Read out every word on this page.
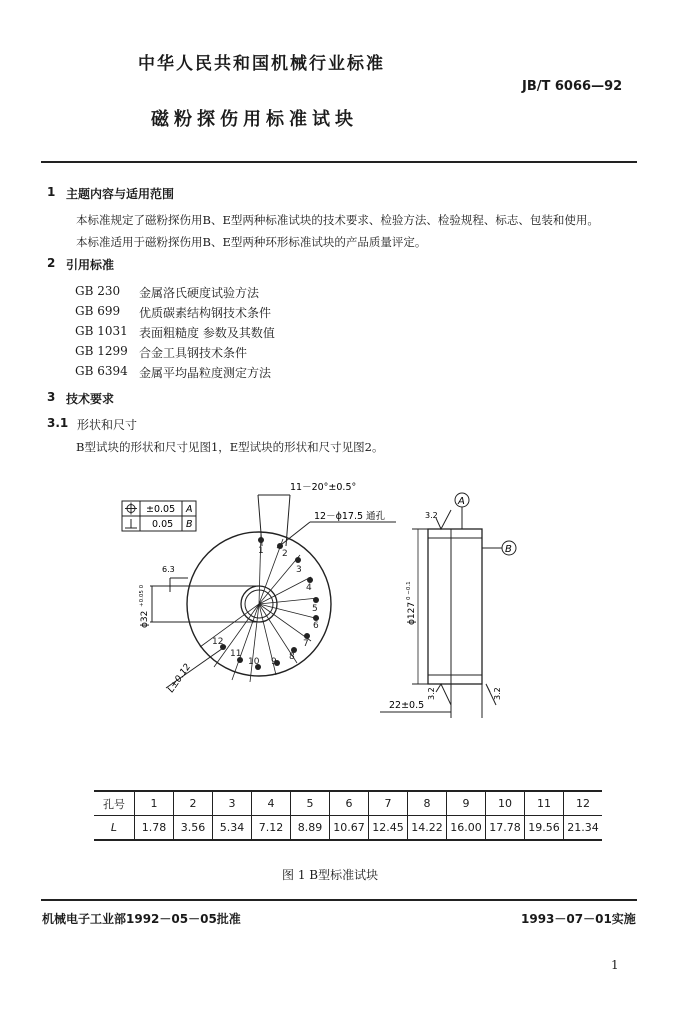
中华人民共和国机械行业标准
JB/T 6066—92
磁粉探伤用标准试块
1 主题内容与适用范围
本标准规定了磁粉探伤用B、E型两种标准试块的技术要求、检验方法、检验规程、标志、包装和使用。
本标准适用于磁粉探伤用B、E型两种环形标准试块的产品质量评定。
2 引用标准
GB 230 金属洛氏硬度试验方法
GB 699 优质碳素结构钢技术条件
GB 1031 表面粗糙度 参数及其数值
GB 1299 合金工具钢技术条件
GB 6394 金属平均晶粒度测定方法
3 技术要求
3.1 形状和尺寸
B型试块的形状和尺寸见图1，E型试块的形状和尺寸见图2。
±0.05 A
0.05 B
11－20°±0.5°
12－ϕ17.5 通孔
6.3
ϕ32
+0.05 0
L±0.12
ϕ127
0 −0.1
3.2
3.2	3.2
22±0.5
A
B
1 2
3
4
5
6
7
8
9
10
11
12
孔号	1	2	3	4	5	6	7	8	9	10	11	12
L	1.78	3.56	5.34	7.12	8.89	10.67	12.45	14.22	16.00	17.78	19.56	21.34
图 1 B型标准试块
机械电子工业部1992－05－05批准	1993－07－01实施
1
